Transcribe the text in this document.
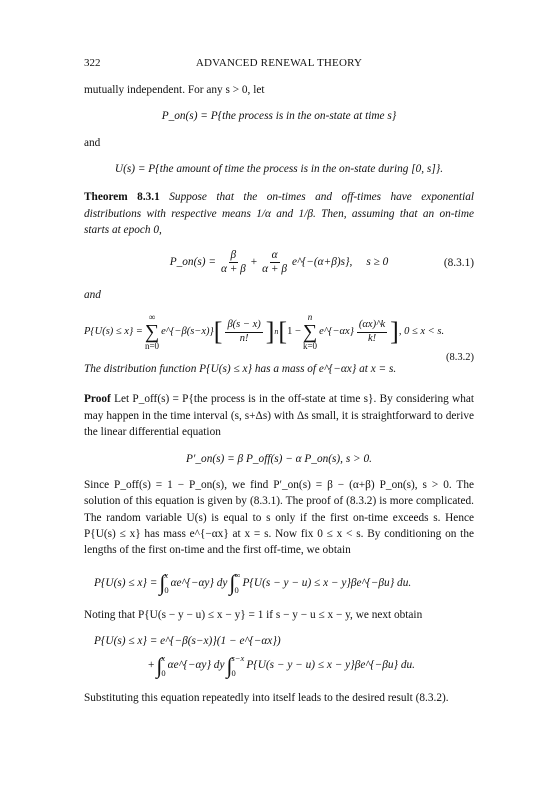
322	ADVANCED RENEWAL THEORY

mutually independent. For any s > 0, let

P_on(s) = P{the process is in the on-state at time s}

and

U(s) = P{the amount of time the process is in the on-state during [0, s]}.

Theorem 8.3.1 Suppose that the on-times and off-times have exponential distributions with respective means 1/α and 1/β. Then, assuming that an on-time starts at epoch 0,

P_on(s) = $\frac{\beta}{\alpha + \beta} + \frac{\alpha}{\alpha + \beta}$ e^{−(α+β)s}, s ≥ 0	(8.3.1)

and

P{U(s) ≤ x} =
∞
∑
n=0
e^{−β(s−x)} [ $\frac{\beta(s - x)}{n!}$ ] n [ 1 −
n
∑
k=0
e^{−αx} $\frac{(\alpha x)\^{}k}{k!}$ ] , 0 ≤ x < s.
(8.3.2)

The distribution function P{U(s) ≤ x} has a mass of e^{−αx} at x = s.

Proof Let P_off(s) = P{the process is in the off-state at time s}. By considering what may happen in the time interval (s, s+Δs) with Δs small, it is straightforward to derive the linear differential equation

P′_on(s) = β P_off(s) − α P_on(s), s > 0.

Since P_off(s) = 1 − P_on(s), we find P′_on(s) = β − (α+β) P_on(s), s > 0. The solution of this equation is given by (8.3.1). The proof of (8.3.2) is more complicated. The random variable U(s) is equal to s only if the first on-time exceeds s. Hence P{U(s) ≤ x} has mass e^{−αx} at x = s. Now fix 0 ≤ x < s. By conditioning on the lengths of the first on-time and the first off-time, we obtain

P{U(s) ≤ x} = ∫ x
0
αe^{−αy} dy ∫ ∞
0
P{U(s − y − u) ≤ x − y}βe^{−βu} du.

Noting that P{U(s − y − u) ≤ x − y} = 1 if s − y − u ≤ x − y, we next obtain

P{U(s) ≤ x} = e^{−β(s−x)}(1 − e^{−αx})
+ ∫ x
0
αe^{−αy} dy ∫ s−x
0
P{U(s − y − u) ≤ x − y}βe^{−βu} du.

Substituting this equation repeatedly into itself leads to the desired result (8.3.2).
